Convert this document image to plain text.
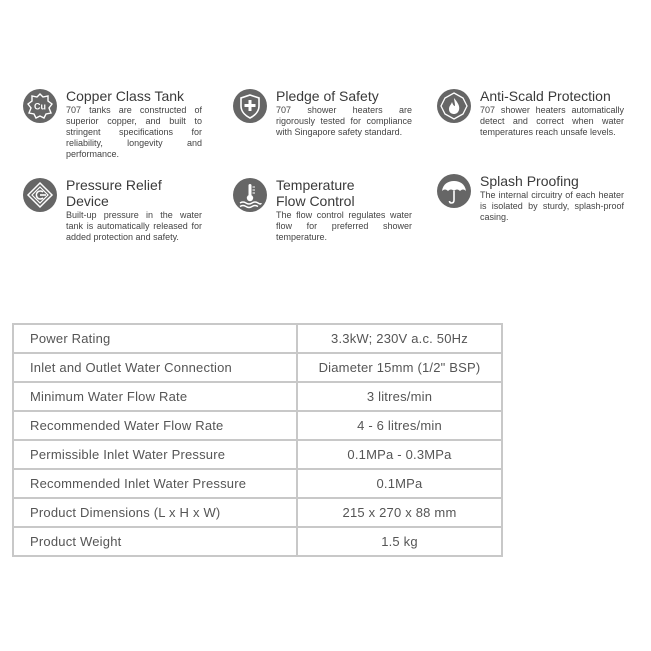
Cu
Copper Class Tank
707 tanks are constructed of superior copper, and built to stringent specifications for reliability, longevity and performance.
Pledge of Safety
707 shower heaters are rigorously tested for compliance with Singapore safety standard.
Anti-Scald Protection
707 shower heaters automatically detect and correct when water temperatures reach unsafe levels.
Pressure Relief
Device
Built-up pressure in the water tank is automatically released for added protection and safety.
Temperature
Flow Control
The flow control regulates water flow for preferred shower temperature.
Splash Proofing
The internal circuitry of each heater is isolated by sturdy, splash-proof casing.
Power Rating	3.3kW; 230V a.c. 50Hz
Inlet and Outlet Water Connection	Diameter 15mm (1/2" BSP)
Minimum Water Flow Rate	3 litres/min
Recommended Water Flow Rate	4 - 6 litres/min
Permissible Inlet Water Pressure	0.1MPa - 0.3MPa
Recommended Inlet Water Pressure	0.1MPa
Product Dimensions (L x H x W)	215 x 270 x 88 mm
Product Weight	1.5 kg
